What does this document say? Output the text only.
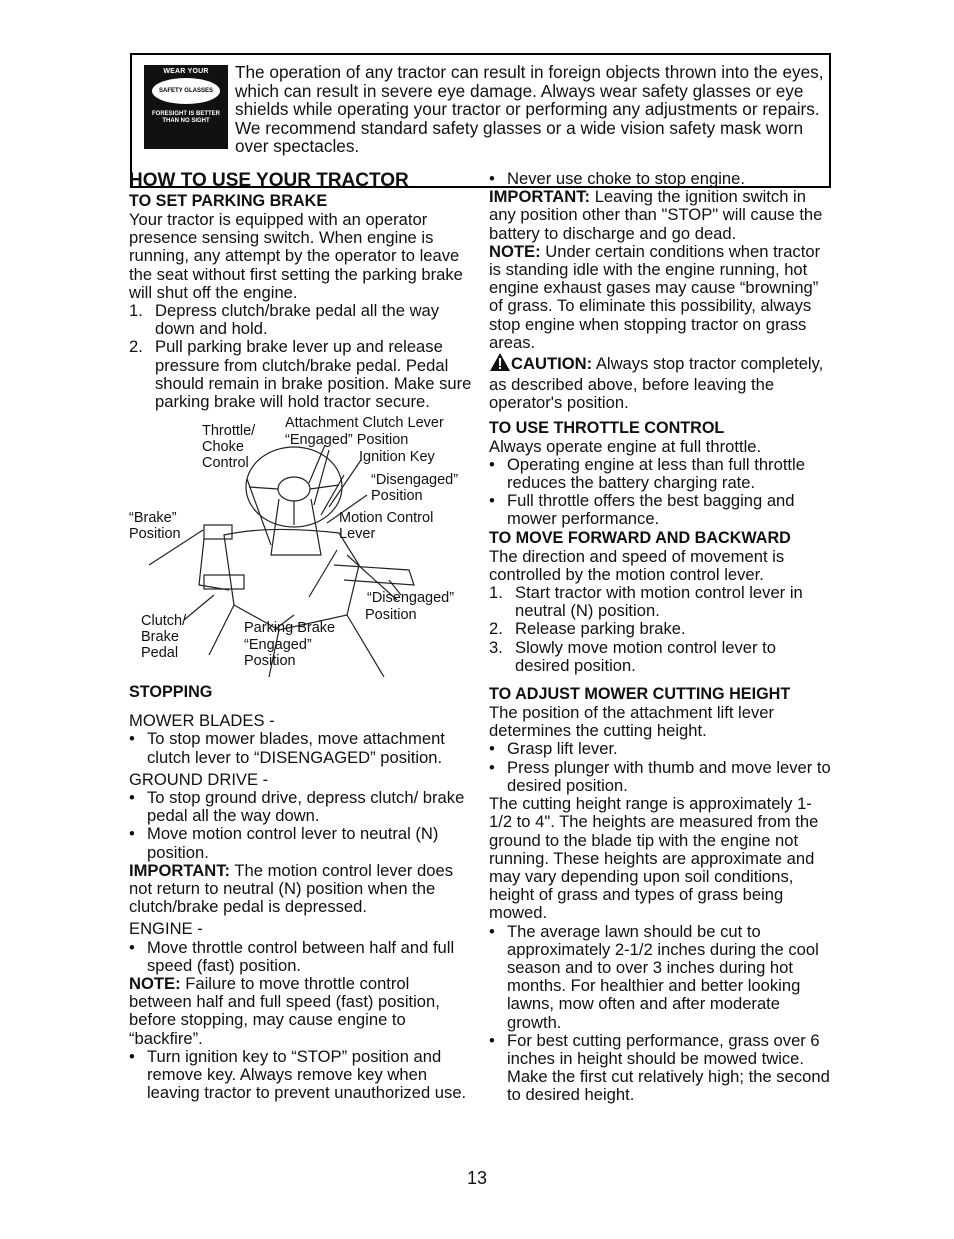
WEAR YOUR
SAFETY GLASSES
FORESIGHT IS BETTER THAN NO SIGHT
The operation of any tractor can result in foreign objects thrown into the eyes, which can result in severe eye damage. Always wear safety glasses or eye shields while operating your tractor or performing any adjustments or repairs. We recommend standard safety glasses or a wide vision safety mask worn over spectacles.

HOW TO USE YOUR TRACTOR

TO SET PARKING BRAKE

Your tractor is equipped with an operator presence sensing switch. When engine is running, any attempt by the operator to leave the seat without first setting the parking brake will shut off the engine.

1. Depress clutch/brake pedal all the way down and hold.
2. Pull parking brake lever up and release pressure from clutch/brake pedal. Pedal should remain in brake position. Make sure parking brake will hold tractor secure.
Attachment Clutch Lever
“Engaged” Position
Throttle/
Choke
Control	Ignition Key
“Disengaged”
Position
“Brake”
Position
Motion Control
Lever
“Disengaged”
Position
Clutch/
Brake
Pedal
Parking Brake
“Engaged”
Position

STOPPING

MOWER BLADES -

• To stop mower blades, move attachment clutch lever to “DISENGAGED” position.

GROUND DRIVE -

• To stop ground drive, depress clutch/ brake pedal all the way down.
• Move motion control lever to neutral (N) position.

IMPORTANT: The motion control lever does not return to neutral (N) position when the clutch/brake pedal is depressed.

ENGINE -

• Move throttle control between half and full speed (fast) position.

NOTE: Failure to move throttle control between half and full speed (fast) position, before stopping, may cause engine to “backfire”.

• Turn ignition key to “STOP” position and remove key. Always remove key when leaving tractor to prevent unauthorized use.
• Never use choke to stop engine.

IMPORTANT: Leaving the ignition switch in any position other than "STOP" will cause the battery to discharge and go dead.

NOTE: Under certain conditions when tractor is standing idle with the engine running, hot engine exhaust gases may cause “browning” of grass. To eliminate this possibility, always stop engine when stopping tractor on grass areas.

CAUTION: Always stop tractor completely, as described above, before leaving the operator's position.

TO USE THROTTLE CONTROL

Always operate engine at full throttle.

• Operating engine at less than full throttle reduces the battery charging rate.
• Full throttle offers the best bagging and mower performance.

TO MOVE FORWARD AND BACKWARD

The direction and speed of movement is controlled by the motion control lever.

1. Start tractor with motion control lever in neutral (N) position.
2. Release parking brake.
3. Slowly move motion control lever to desired position.

TO ADJUST MOWER CUTTING HEIGHT

The position of the attachment lift lever determines the cutting height.

• Grasp lift lever.
• Press plunger with thumb and move lever to desired position.

The cutting height range is approximately 1-1/2 to 4". The heights are measured from the ground to the blade tip with the engine not running. These heights are approximate and may vary depending upon soil conditions, height of grass and types of grass being mowed.

• The average lawn should be cut to approximately 2-1/2 inches during the cool season and to over 3 inches during hot months. For healthier and better looking lawns, mow often and after moderate growth.
• For best cutting performance, grass over 6 inches in height should be mowed twice. Make the first cut relatively high; the second to desired height.
13
